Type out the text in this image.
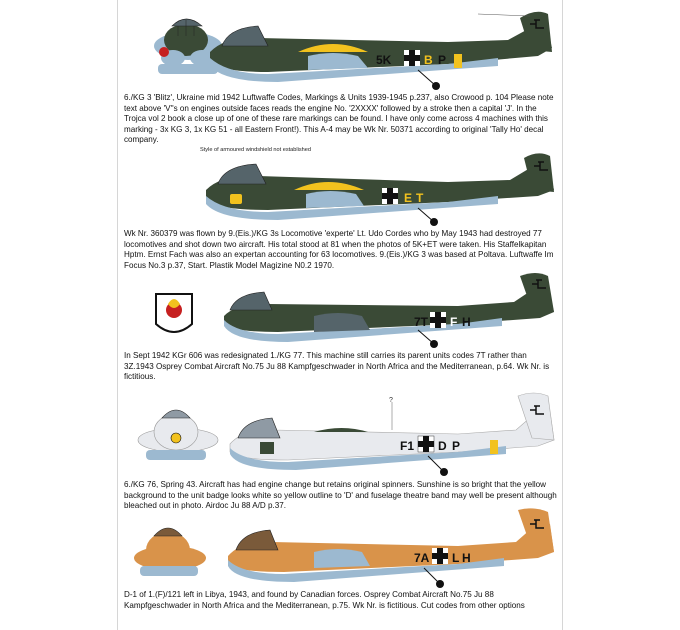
5K	B P

6./KG 3 'Blitz', Ukraine mid 1942 Luftwaffe Codes, Markings & Units 1939-1945 p.237, also Crowood p. 104 Please note text above 'V''s on engines outside faces reads the engine No. '2XXXX' followed by a stroke then a capital 'J'. In the Trojca vol 2 book a close up of one of these rare markings can be found. I have only come across 4 machines with this marking - 3x KG 3, 1x KG 51 - all Eastern Front!). This A-4 may be Wk Nr. 50371 according to original 'Tally Ho' decal company.

Style of armoured windshield not established
E T

Wk Nr. 360379 was flown by 9.(Eis.)/KG 3s Locomotive 'experte' Lt. Udo Cordes who by May 1943 had destroyed 77 locomotives and shot down two aircraft. His total stood at 81 when the photos of 5K+ET were taken. His Staffelkapitan Hptm. Ernst Fach was also an expertan accounting for 63 locomotives. 9.(Eis.)/KG 3 was based at Poltava. Luftwaffe Im Focus No.3 p.37, Start. Plastik Model Magizine N0.2 1970.

7T F H

In Sept 1942 KGr 606 was redesignated 1./KG 77. This machine still carries its parent units codes 7T rather than 3Z.1943 Osprey Combat Aircraft No.75 Ju 88 Kampfgeschwader in North Africa and the Mediterranean, p.64. Wk Nr. is fictitious.

?
F1 D P

6./KG 76, Spring 43. Aircraft has had engine change but retains original spinners. Sunshine is so bright that the yellow background to the unit badge looks white so yellow outline to 'D' and fuselage theatre band may well be present although bleached out in photo. Airdoc Ju 88 A/D p.37.

7A L H

D-1 of 1.(F)/121 left in Libya, 1943, and found by Canadian forces. Osprey Combat Aircraft No.75 Ju 88 Kampfgeschwader in North Africa and the Mediterranean, p.75. Wk Nr. is fictitious. Cut codes from other options
